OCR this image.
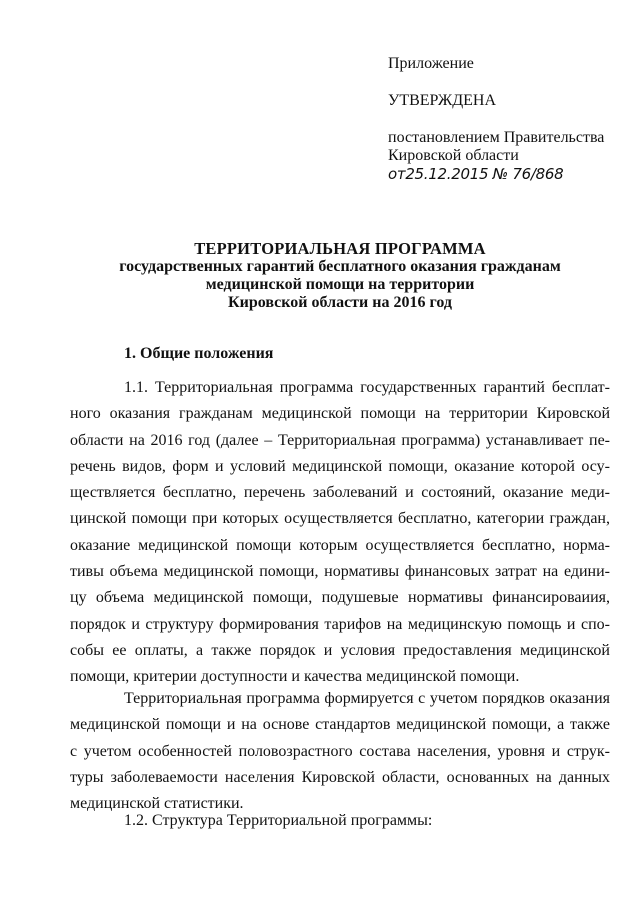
Приложение
УТВЕРЖДЕНА
постановлением Правительства
Кировской области
от25.12.2015 № 76/868
ТЕРРИТОРИАЛЬНАЯ ПРОГРАММА
государственных гарантий бесплатного оказания гражданам
медицинской помощи на территории
Кировской области на 2016 год
1. Общие положения
1.1. Территориальная программа государственных гарантий бесплат-
ного оказания гражданам медицинской помощи на территории Кировской
области на 2016 год (далее – Территориальная программа) устанавливает пе-
речень видов, форм и условий медицинской помощи, оказание которой осу-
ществляется бесплатно, перечень заболеваний и состояний, оказание меди-
цинской помощи при которых осуществляется бесплатно, категории граждан,
оказание медицинской помощи которым осуществляется бесплатно, норма-
тивы объема медицинской помощи, нормативы финансовых затрат на едини-
цу объема медицинской помощи, подушевые нормативы финансироваиия,
порядок и структуру формирования тарифов на медицинскую помощь и спо-
собы ее оплаты, а также порядок и условия предоставления медицинской
помощи, критерии доступности и качества медицинской помощи.
Территориальная программа формируется с учетом порядков оказания
медицинской помощи и на основе стандартов медицинской помощи, а также
с учетом особенностей половозрастного состава населения, уровня и струк-
туры заболеваемости населения Кировской области, основанных на данных
медицинской статистики.
1.2. Структура Территориальной программы:
